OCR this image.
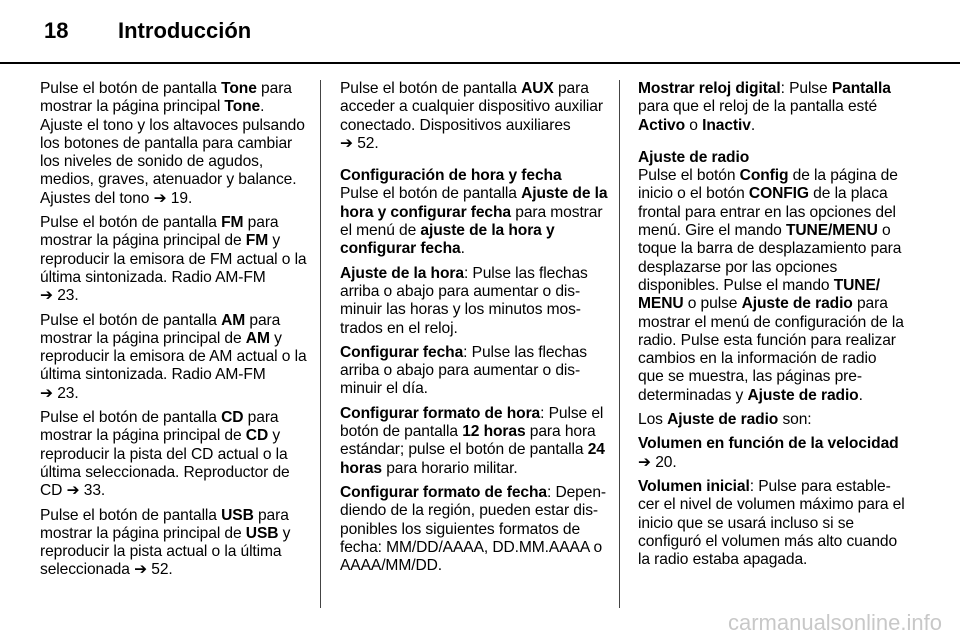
18 Introducción

Pulse el botón de pantalla Tone para mostrar la página principal Tone. Ajuste el tono y los altavoces pulsando los botones de pantalla para cambiar los niveles de sonido de agudos, medios, graves, atenuador y balance. Ajustes del tono ➔ 19.

Pulse el botón de pantalla FM para mostrar la página principal de FM y reproducir la emisora de FM actual o la última sintonizada. Radio AM-FM
➔ 23.

Pulse el botón de pantalla AM para mostrar la página principal de AM y reproducir la emisora de AM actual o la última sintonizada. Radio AM-FM
➔ 23.

Pulse el botón de pantalla CD para mostrar la página principal de CD y reproducir la pista del CD actual o la última seleccionada. Reproductor de CD ➔ 33.

Pulse el botón de pantalla USB para mostrar la página principal de USB y reproducir la pista actual o la última seleccionada ➔ 52.

Pulse el botón de pantalla AUX para acceder a cualquier dispositivo auxiliar conectado. Dispositivos auxiliares
➔ 52.

Configuración de hora y fecha

Pulse el botón de pantalla Ajuste de la hora y configurar fecha para mostrar el menú de ajuste de la hora y configurar fecha.

Ajuste de la hora: Pulse las flechas arriba o abajo para aumentar o disminuir las horas y los minutos mostrados en el reloj.

Configurar fecha: Pulse las flechas arriba o abajo para aumentar o disminuir el día.

Configurar formato de hora: Pulse el botón de pantalla 12 horas para hora estándar; pulse el botón de pantalla 24 horas para horario militar.

Configurar formato de fecha: Dependiendo de la región, pueden estar disponibles los siguientes formatos de fecha: MM/DD/AAAA, DD.MM.AAAA o AAAA/MM/DD.

Mostrar reloj digital: Pulse Pantalla para que el reloj de la pantalla esté Activo o Inactiv.

Ajuste de radio

Pulse el botón Config de la página de inicio o el botón CONFIG de la placa frontal para entrar en las opciones del menú. Gire el mando TUNE/MENU o toque la barra de desplazamiento para desplazarse por las opciones disponibles. Pulse el mando TUNE/ MENU o pulse Ajuste de radio para mostrar el menú de configuración de la radio. Pulse esta función para realizar cambios en la información de radio que se muestra, las páginas predeterminadas y Ajuste de radio.

Los Ajuste de radio son:

Volumen en función de la velocidad
➔ 20.

Volumen inicial: Pulse para establecer el nivel de volumen máximo para el inicio que se usará incluso si se configuró el volumen más alto cuando la radio estaba apagada.

carmanualsonline.info
